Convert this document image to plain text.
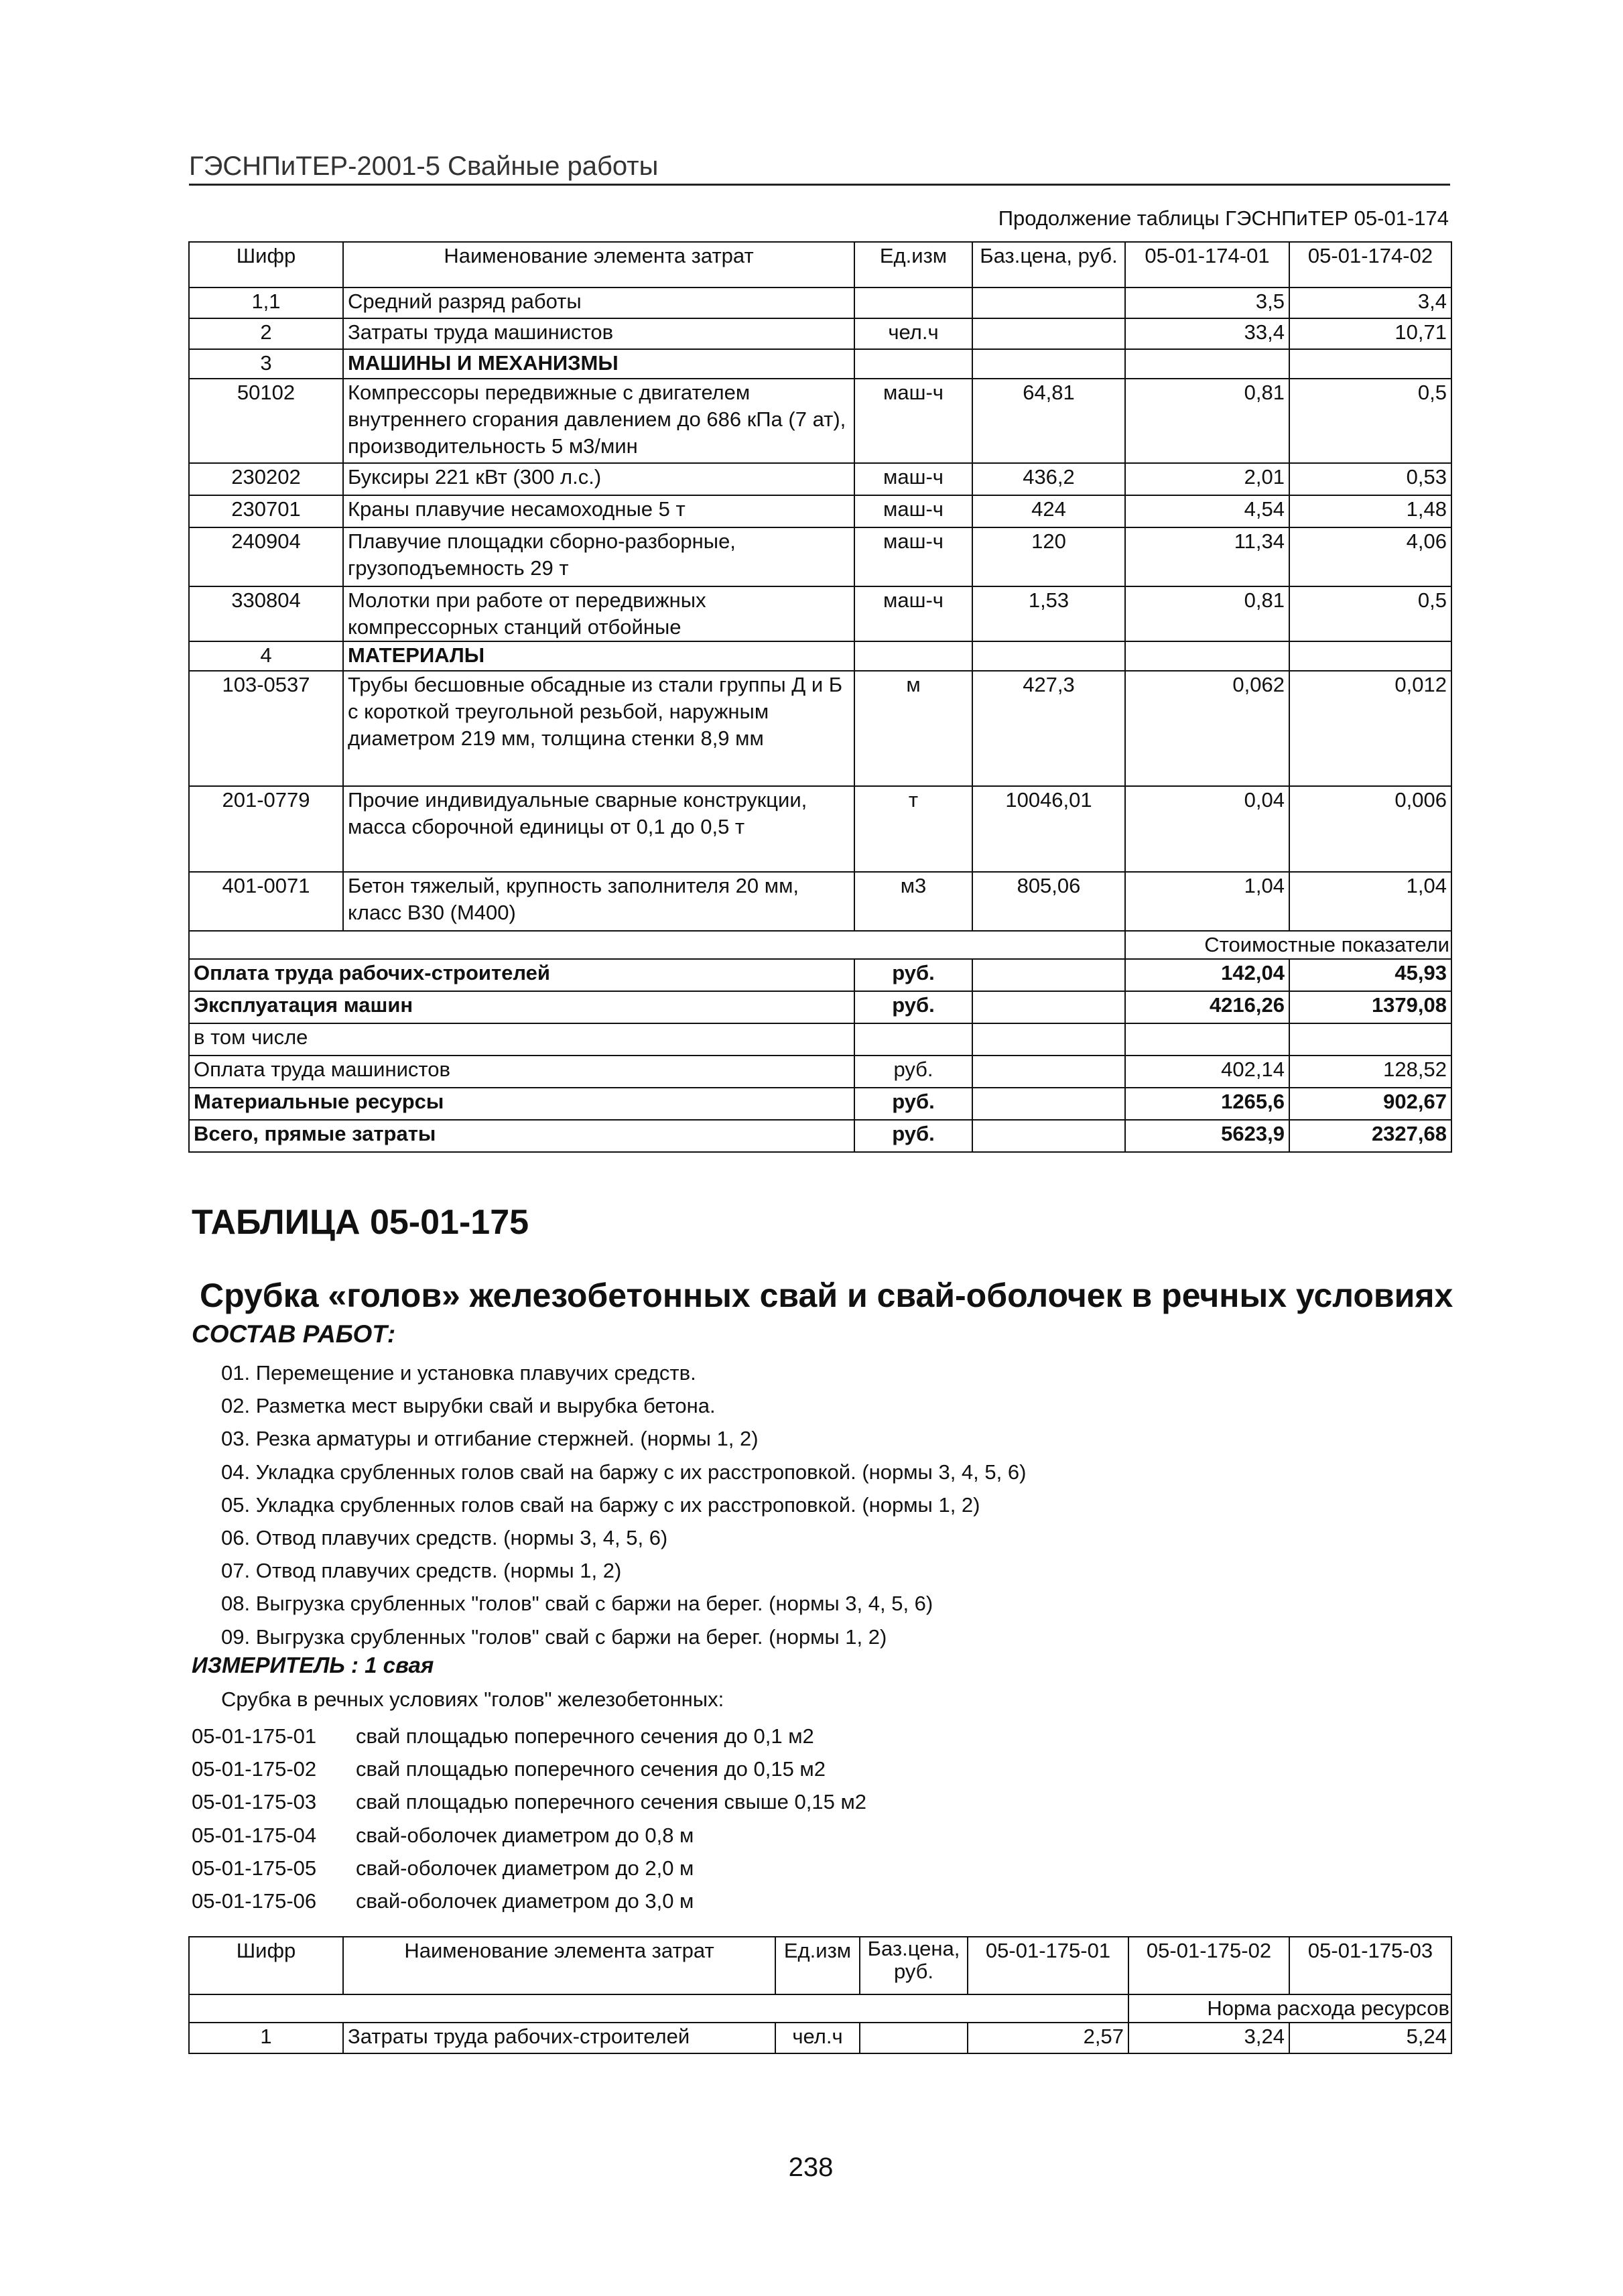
ГЭСНПиТЕР-2001-5 Свайные работы
Продолжение таблицы ГЭСНПиТЕР 05-01-174
Шифр	Наименование элемента затрат	Ед.изм	Баз.цена, руб.	05-01-174-01	05-01-174-02
1,1	Средний разряд работы			3,5	3,4
2	Затраты труда машинистов	чел.ч		33,4	10,71
3	МАШИНЫ И МЕХАНИЗМЫ				
50102	Компрессоры передвижные с двигателем внутреннего сгорания давлением до 686 кПа (7 ат), производительность 5 м3/мин	маш-ч	64,81	0,81	0,5
230202	Буксиры 221 кВт (300 л.с.)	маш-ч	436,2	2,01	0,53
230701	Краны плавучие несамоходные 5 т	маш-ч	424	4,54	1,48
240904	Плавучие площадки сборно-разборные, грузоподъемность 29 т	маш-ч	120	11,34	4,06
330804	Молотки при работе от передвижных компрессорных станций отбойные	маш-ч	1,53	0,81	0,5
4	МАТЕРИАЛЫ				
103-0537	Трубы бесшовные обсадные из стали группы Д и Б с короткой треугольной резьбой, наружным диаметром 219 мм, толщина стенки 8,9 мм	м	427,3	0,062	0,012
201-0779	Прочие индивидуальные сварные конструкции, масса сборочной единицы от 0,1 до 0,5 т	т	10046,01	0,04	0,006
401-0071	Бетон тяжелый, крупность заполнителя 20 мм, класс В30 (М400)	м3	805,06	1,04	1,04
				Стоимостные показатели	
Оплата труда рабочих-строителей		руб.		142,04	45,93
Эксплуатация машин		руб.		4216,26	1379,08
в том числе					
Оплата труда машинистов		руб.		402,14	128,52
Материальные ресурсы		руб.		1265,6	902,67
Всего, прямые затраты		руб.		5623,9	2327,68
ТАБЛИЦА 05-01-175
Срубка «голов» железобетонных свай и свай-оболочек в речных условиях
СОСТАВ РАБОТ:
01. Перемещение и установка плавучих средств.
02. Разметка мест вырубки свай и вырубка бетона.
03. Резка арматуры и отгибание стержней. (нормы 1, 2)
04. Укладка срубленных голов свай на баржу с их расстроповкой. (нормы 3, 4, 5, 6)
05. Укладка срубленных голов свай на баржу с их расстроповкой. (нормы 1, 2)
06. Отвод плавучих средств. (нормы 3, 4, 5, 6)
07. Отвод плавучих средств. (нормы 1, 2)
08. Выгрузка срубленных "голов" свай с баржи на берег. (нормы 3, 4, 5, 6)
09. Выгрузка срубленных "голов" свай с баржи на берег. (нормы 1, 2)
ИЗМЕРИТЕЛЬ : 1 свая
Срубка в речных условиях "голов" железобетонных:
05-01-175-01 свай площадью поперечного сечения до 0,1 м2
05-01-175-02 свай площадью поперечного сечения до 0,15 м2
05-01-175-03 свай площадью поперечного сечения свыше 0,15 м2
05-01-175-04 свай-оболочек диаметром до 0,8 м
05-01-175-05 свай-оболочек диаметром до 2,0 м
05-01-175-06 свай-оболочек диаметром до 3,0 м
Шифр	Наименование элемента затрат	Ед.изм	Баз.цена, руб.	05-01-175-01	05-01-175-02	05-01-175-03
					Норма расхода ресурсов	
1	Затраты труда рабочих-строителей	чел.ч		2,57	3,24	5,24
238
